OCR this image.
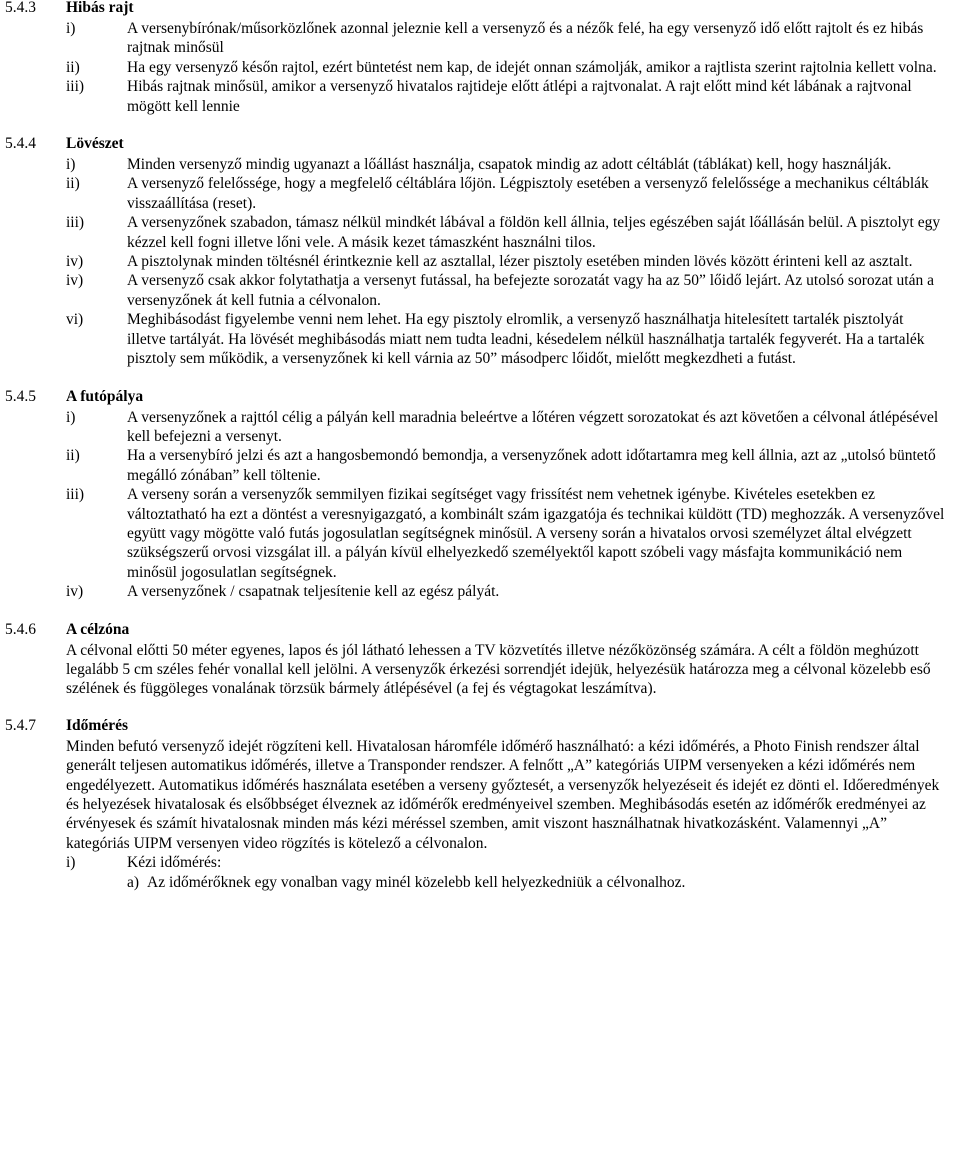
5.4.3 Hibás rajt
i)	A versenybírónak/műsorközlőnek azonnal jeleznie kell a versenyző és a nézők felé, ha egy versenyző idő előtt rajtolt és ez hibás rajtnak minősül
ii)	Ha egy versenyző későn rajtol, ezért büntetést nem kap, de idejét onnan számolják, amikor a rajtlista szerint rajtolnia kellett volna.
iii)	Hibás rajtnak minősül, amikor a versenyző hivatalos rajtideje előtt átlépi a rajtvonalat. A rajt előtt mind két lábának a rajtvonal mögött kell lennie
5.4.4 Lövészet
i)	Minden versenyző mindig ugyanazt a lőállást használja, csapatok mindig az adott céltáblát (táblákat) kell, hogy használják.
ii)	A versenyző felelőssége, hogy a megfelelő céltáblára lőjön. Légpisztoly esetében a versenyző felelőssége a mechanikus céltáblák visszaállítása (reset).
iii)	A versenyzőnek szabadon, támasz nélkül mindkét lábával a földön kell állnia, teljes egészében saját lőállásán belül. A pisztolyt egy kézzel kell fogni illetve lőni vele. A másik kezet támaszként használni tilos.
iv)	A pisztolynak minden töltésnél érintkeznie kell az asztallal, lézer pisztoly esetében minden lövés között érinteni kell az asztalt.
iv)	A versenyző csak akkor folytathatja a versenyt futással, ha befejezte sorozatát vagy ha az 50” lőidő lejárt. Az utolsó sorozat után a versenyzőnek át kell futnia a célvonalon.
vi)	Meghibásodást figyelembe venni nem lehet. Ha egy pisztoly elromlik, a versenyző használhatja hitelesített tartalék pisztolyát illetve tartályát. Ha lövését meghibásodás miatt nem tudta leadni, késedelem nélkül használhatja tartalék fegyverét. Ha a tartalék pisztoly sem működik, a versenyzőnek ki kell várnia az 50” másodperc lőidőt, mielőtt megkezdheti a futást.
5.4.5 A futópálya
i)	A versenyzőnek a rajttól célig a pályán kell maradnia beleértve a lőtéren végzett sorozatokat és azt követően a célvonal átlépésével kell befejezni a versenyt.
ii)	Ha a versenybíró jelzi és azt a hangosbemondó bemondja, a versenyzőnek adott időtartamra meg kell állnia, azt az „utolsó büntető megálló zónában” kell töltenie.
iii)	A verseny során a versenyzők semmilyen fizikai segítséget vagy frissítést nem vehetnek igénybe. Kivételes esetekben ez változtatható ha ezt a döntést a veresnyigazgató, a kombinált szám igazgatója és technikai küldött (TD) meghozzák. A versenyzővel együtt vagy mögötte való futás jogosulatlan segítségnek minősül. A verseny során a hivatalos orvosi személyzet által elvégzett szükségszerű orvosi vizsgálat ill. a pályán kívül elhelyezkedő személyektől kapott szóbeli vagy másfajta kommunikáció nem minősül jogosulatlan segítségnek.
iv)	A versenyzőnek / csapatnak teljesítenie kell az egész pályát.
5.4.6 A célzóna
A célvonal előtti 50 méter egyenes, lapos és jól látható lehessen a TV közvetítés illetve nézőközönség számára. A célt a földön meghúzott legalább 5 cm széles fehér vonallal kell jelölni. A versenyzők érkezési sorrendjét idejük, helyezésük határozza meg a célvonal közelebb eső szélének és függöleges vonalának törzsük bármely átlépésével (a fej és végtagokat leszámítva).
5.4.7 Időmérés
Minden befutó versenyző idejét rögzíteni kell. Hivatalosan háromféle időmérő használható: a kézi időmérés, a Photo Finish rendszer által generált teljesen automatikus időmérés, illetve a Transponder rendszer. A felnőtt „A” kategóriás UIPM versenyeken a kézi időmérés nem engedélyezett. Automatikus időmérés használata esetében a verseny győztesét, a versenyzők helyezéseit és idejét ez dönti el. Időeredmények és helyezések hivatalosak és elsőbbséget élveznek az időmérők eredményeivel szemben. Meghibásodás esetén az időmérők eredményei az érvényesek és számít hivatalosnak minden más kézi méréssel szemben, amit viszont használhatnak hivatkozásként. Valamennyi „A” kategóriás UIPM versenyen video rögzítés is kötelező a célvonalon.
i)	Kézi időmérés:
a) Az időmérőknek egy vonalban vagy minél közelebb kell helyezkedniük a célvonalhoz.
